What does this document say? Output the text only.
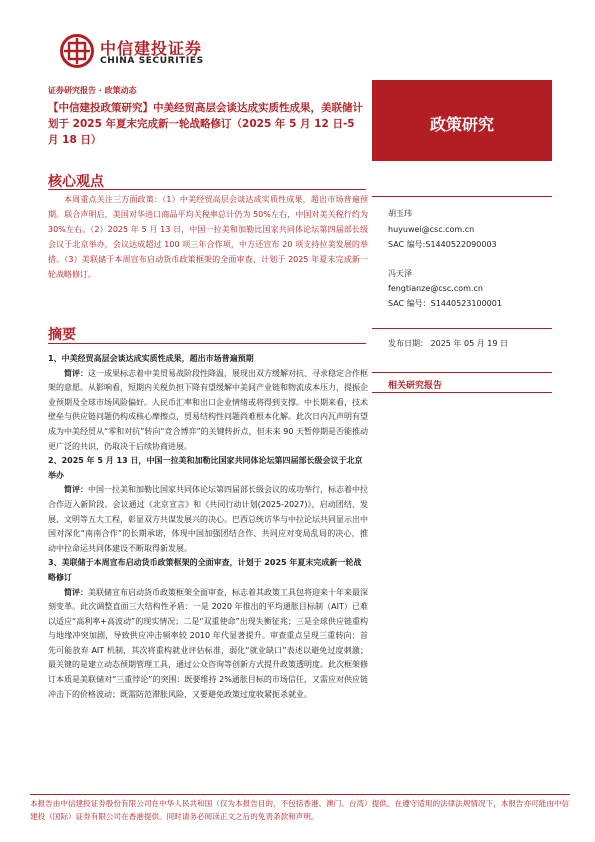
中信建投证券
CHINA SECURITIES
证券研究报告 · 政策动态
【中信建投政策研究】中美经贸高层会谈达成实质性成果，美联储计划于 2025 年夏末完成新一轮战略修订（2025 年 5 月 12 日-5 月 18 日）
核心观点
本周重点关注三方面政策：（1）中美经贸高层会谈达成实质性成果，超出市场普遍预期。联合声明后，美国对华进口商品平均关税率总计仍为 50%左右，中国对美关税行约为 30%左右。（2）2025 年 5 月 13 日，中国一拉美和加勒比国家共同体论坛第四届部长级会议于北京举办，会议达成超过 100 项三年合作项，中方还宣布 20 项支持拉美发展的举措。（3）美联储于本周宣布启动货币政策框架的全面审查，计划于 2025 年夏末完成新一轮战略修订。
摘要
1、中美经贸高层会谈达成实质性成果，超出市场普遍预期
简评：这一成果标志着中美贸易战阶段性降温，展现出双方缓解对抗、寻求稳定合作框架的意愿。从影响看，短期内关税负担下降有望缓解中美间产业链和物流成本压力，提振企业预期及全球市场风险偏好。人民币汇率和出口企业情绪或将得到支撑。中长期来看，技术壁垒与供应链问题仍构成核心摩擦点，贸易结构性问题尚难根本化解。此次日内瓦声明有望成为中美经贸从“零和对抗”转向“竞合博弈”的关键转折点，但未来 90 天暂停期是否能推动更广泛的共识，仍取决于后续协商进展。
2、2025 年 5 月 13 日，中国一拉美和加勒比国家共同体论坛第四届部长级会议于北京举办
简评：中国一拉美和加勒比国家共同体论坛第四届部长级会议的成功举行，标志着中拉合作迈入新阶段。会议通过《北京宣言》和《共同行动计划(2025-2027)》，启动团结、发展、文明等五大工程，彰显双方共谋发展兴的决心。巴西总统访华与中拉论坛共同显示出中国对深化“南南合作”的长期承诺，体现中国加强团结合作、共同应对变局乱局的决心，推动中拉命运共同体建设不断取得新发展。
3、美联储于本周宣布启动货币政策框架的全面审查，计划于 2025 年夏末完成新一轮战略修订
简评：美联储宣布启动货币政策框架全面审查，标志着其政策工具包将迎来十年来最深刻变革。此次调整直面三大结构性矛盾：一是 2020 年推出的平均通胀目标制（AIT）已难以适应“高利率+高波动”的现实情况；二是“双重使命”出现失衡征兆；三是全球供应链重构与地缘冲突加剧，导致供应冲击频率较 2010 年代显著提升。审查重点呈现三重转向：首先可能放弃 AIT 机制，其次将重构就业评估标准，弱化“就业缺口”表述以避免过度刺激；最关键的是建立动态预期管理工具，通过公众咨询等创新方式提升政策透明度。此次框架修订本质是美联储对“三重悖论”的突围：既要维持 2%通胀目标的市场信任，又需应对供应链冲击下的价格波动；既需防范滞胀风险，又要避免政策过度收紧扼杀就业。
政策研究
胡玉玮
huyuwei@csc.com.cn
SAC 编号:S1440522090003
冯天泽
fengtianze@csc.com.cn
SAC 编号：S1440523100001
发布日期： 2025 年 05 月 19 日
相关研究报告
本报告由中信建投证券股份有限公司在中华人民共和国（仅为本报告目的，不包括香港、澳门、台湾）提供。在遵守适用的法律法规情况下，本报告亦可能由中信建投（国际）证券有限公司在香港提供。同时请务必阅读正文之后的免责条款和声明。
